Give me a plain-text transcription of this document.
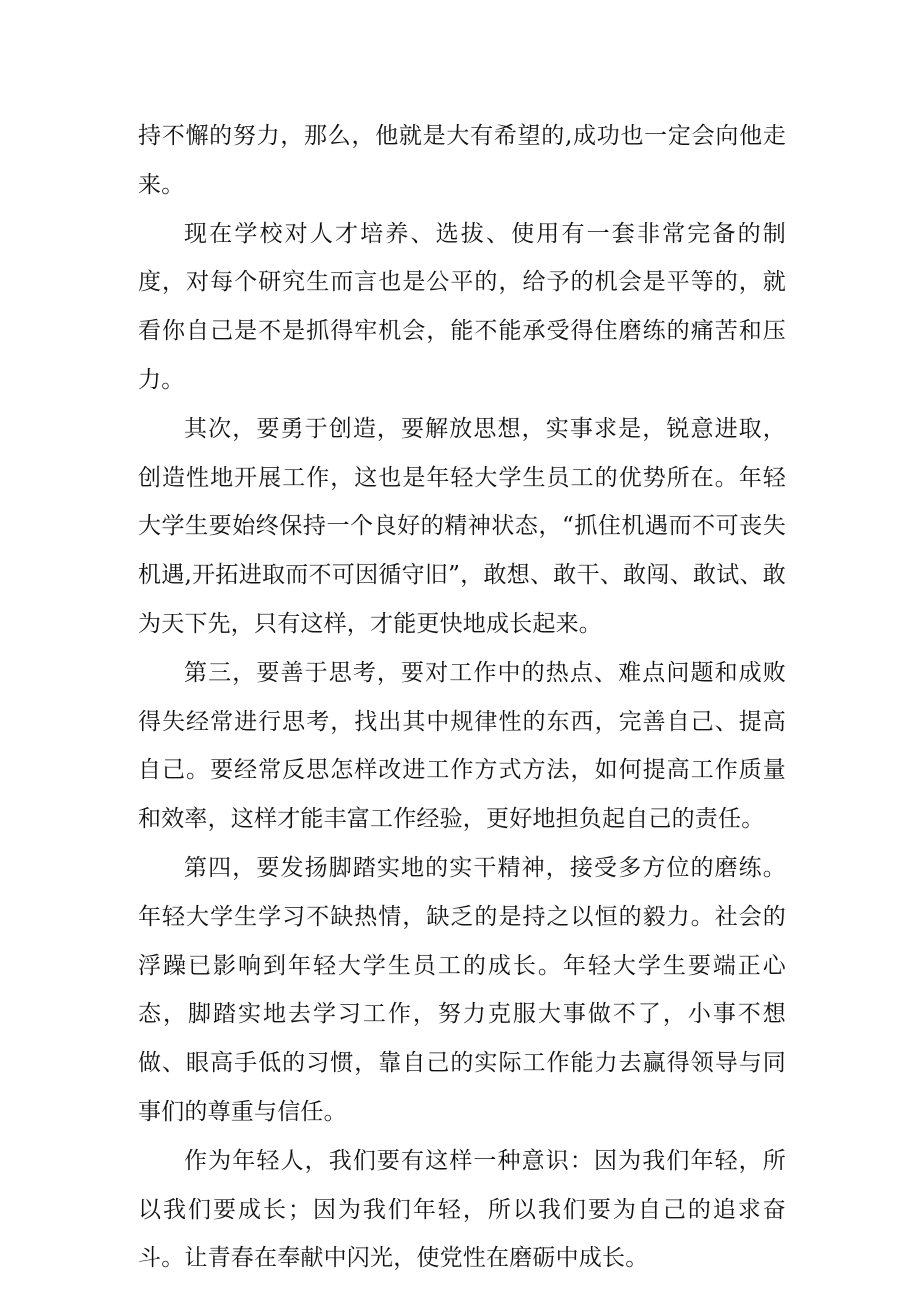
持不懈的努力，那么，他就是大有希望的,成功也一定会向他走来。

现在学校对人才培养、选拔、使用有一套非常完备的制度，对每个研究生而言也是公平的，给予的机会是平等的，就看你自己是不是抓得牢机会，能不能承受得住磨练的痛苦和压力。

其次，要勇于创造，要解放思想，实事求是，锐意进取，创造性地开展工作，这也是年轻大学生员工的优势所在。年轻大学生要始终保持一个良好的精神状态，“抓住机遇而不可丧失机遇,开拓进取而不可因循守旧”，敢想、敢干、敢闯、敢试、敢为天下先，只有这样，才能更快地成长起来。

第三，要善于思考，要对工作中的热点、难点问题和成败得失经常进行思考，找出其中规律性的东西，完善自己、提高自己。要经常反思怎样改进工作方式方法，如何提高工作质量和效率，这样才能丰富工作经验，更好地担负起自己的责任。

第四，要发扬脚踏实地的实干精神，接受多方位的磨练。年轻大学生学习不缺热情，缺乏的是持之以恒的毅力。社会的浮躁已影响到年轻大学生员工的成长。年轻大学生要端正心态，脚踏实地去学习工作，努力克服大事做不了，小事不想做、眼高手低的习惯，靠自己的实际工作能力去赢得领导与同事们的尊重与信任。

作为年轻人，我们要有这样一种意识：因为我们年轻，所以我们要成长；因为我们年轻，所以我们要为自己的追求奋斗。让青春在奉献中闪光，使党性在磨砺中成长。
